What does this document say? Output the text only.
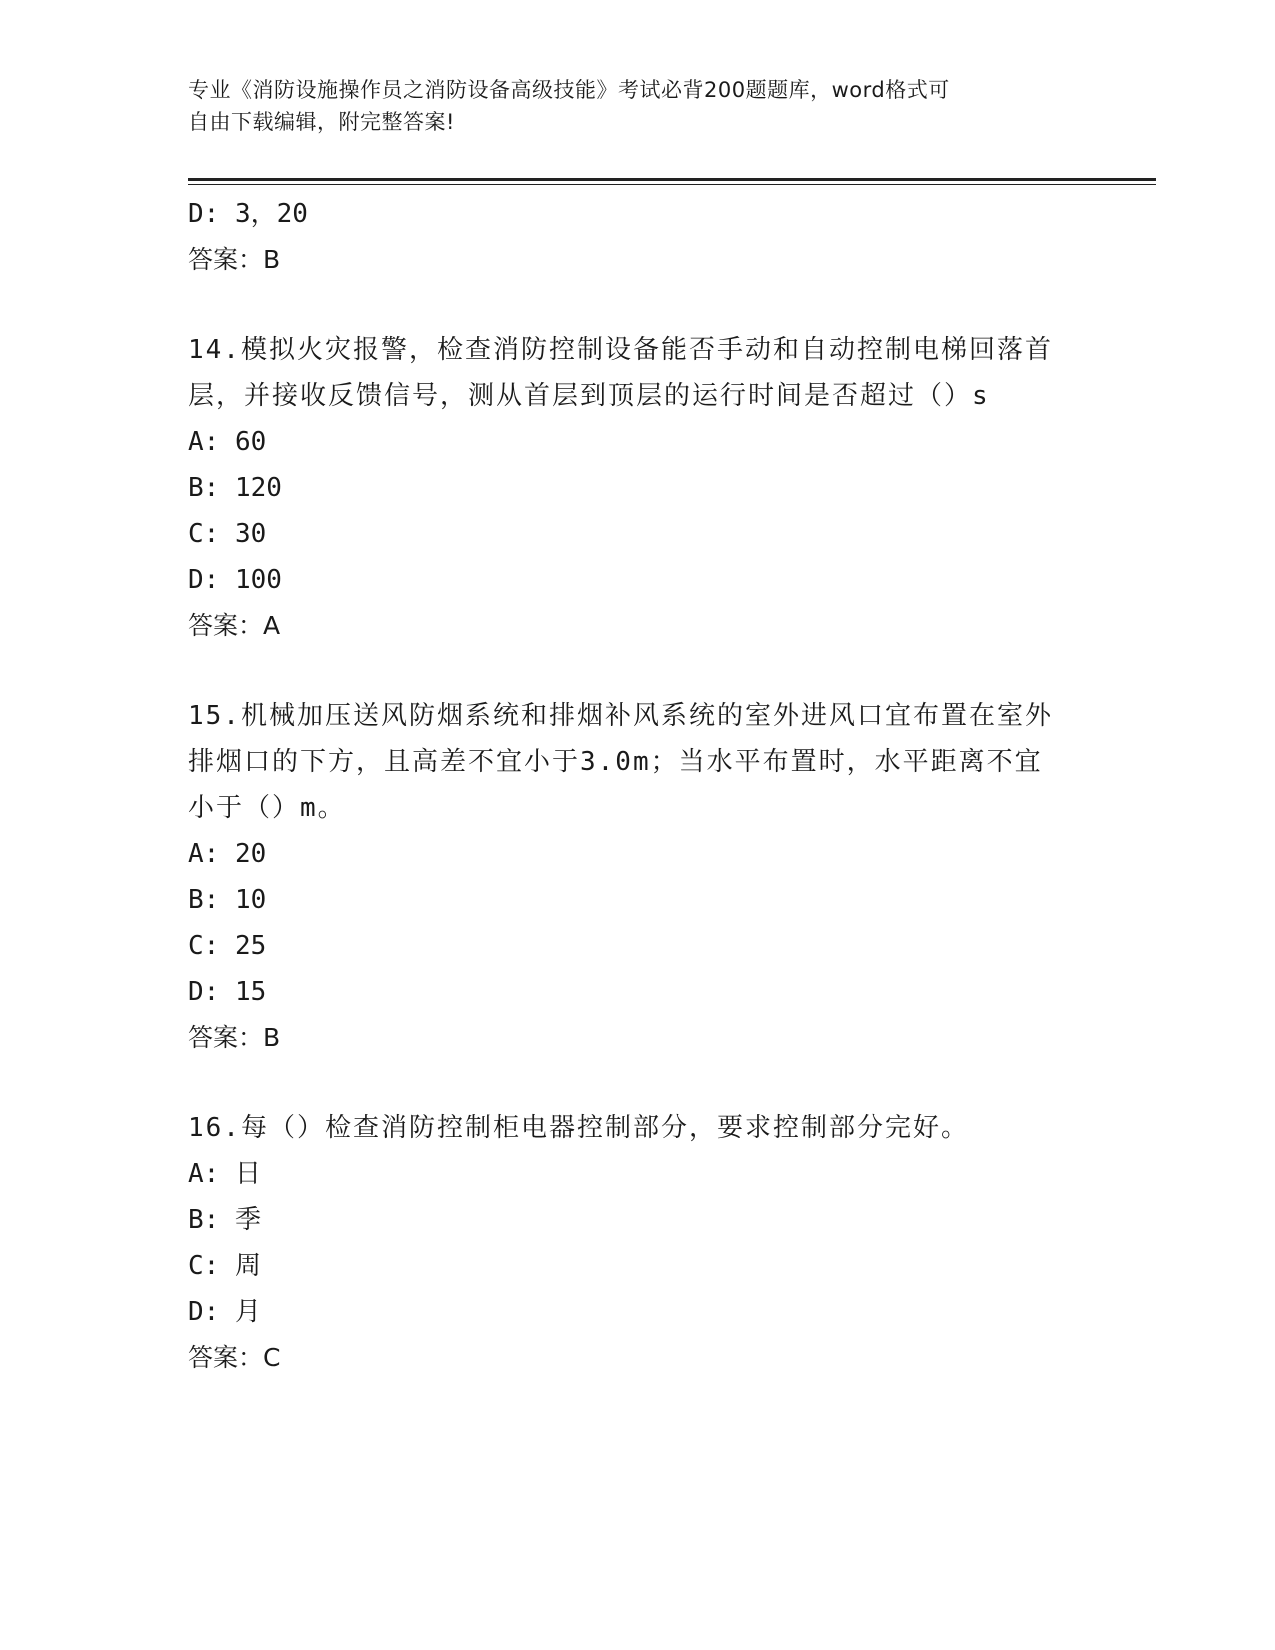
专业《消防设施操作员之消防设备高级技能》考试必背200题题库，word格式可
自由下载编辑，附完整答案!
D: 3，20
答案：B
14.模拟火灾报警，检查消防控制设备能否手动和自动控制电梯回落首
层，并接收反馈信号，测从首层到顶层的运行时间是否超过（）s
A: 60
B: 120
C: 30
D: 100
答案：A
15.机械加压送风防烟系统和排烟补风系统的室外进风口宜布置在室外
排烟口的下方，且高差不宜小于3.0m；当水平布置时，水平距离不宜
小于（）m。
A: 20
B: 10
C: 25
D: 15
答案：B
16.每（）检查消防控制柜电器控制部分，要求控制部分完好。
A: 日
B: 季
C: 周
D: 月
答案：C
